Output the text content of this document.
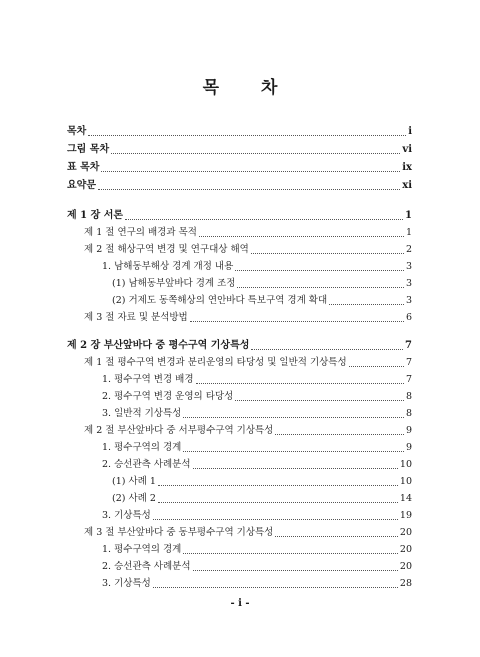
목 차
목차	i
그림 목차	vi
표 목차	ix
요약문	xi
제 1 장 서론	1
제 1 절 연구의 배경과 목적	1
제 2 절 해상구역 변경 및 연구대상 해역	2
1. 남해동부해상 경계 개정 내용	3
(1) 남해동부앞바다 경계 조정	3
(2) 거제도 동쪽해상의 연안바다 특보구역 경계 확대	3
제 3 절 자료 및 분석방법	6
제 2 장 부산앞바다 중 평수구역 기상특성	7
제 1 절 평수구역 변경과 분리운영의 타당성 및 일반적 기상특성	7
1. 평수구역 변경 배경	7
2. 평수구역 변경 운영의 타당성	8
3. 일반적 기상특성	8
제 2 절 부산앞바다 중 서부평수구역 기상특성	9
1. 평수구역의 경계	9
2. 승선관측 사례분석	10
(1) 사례 1	10
(2) 사례 2	14
3. 기상특성	19
제 3 절 부산앞바다 중 동부평수구역 기상특성	20
1. 평수구역의 경계	20
2. 승선관측 사례분석	20
3. 기상특성	28
- i -
